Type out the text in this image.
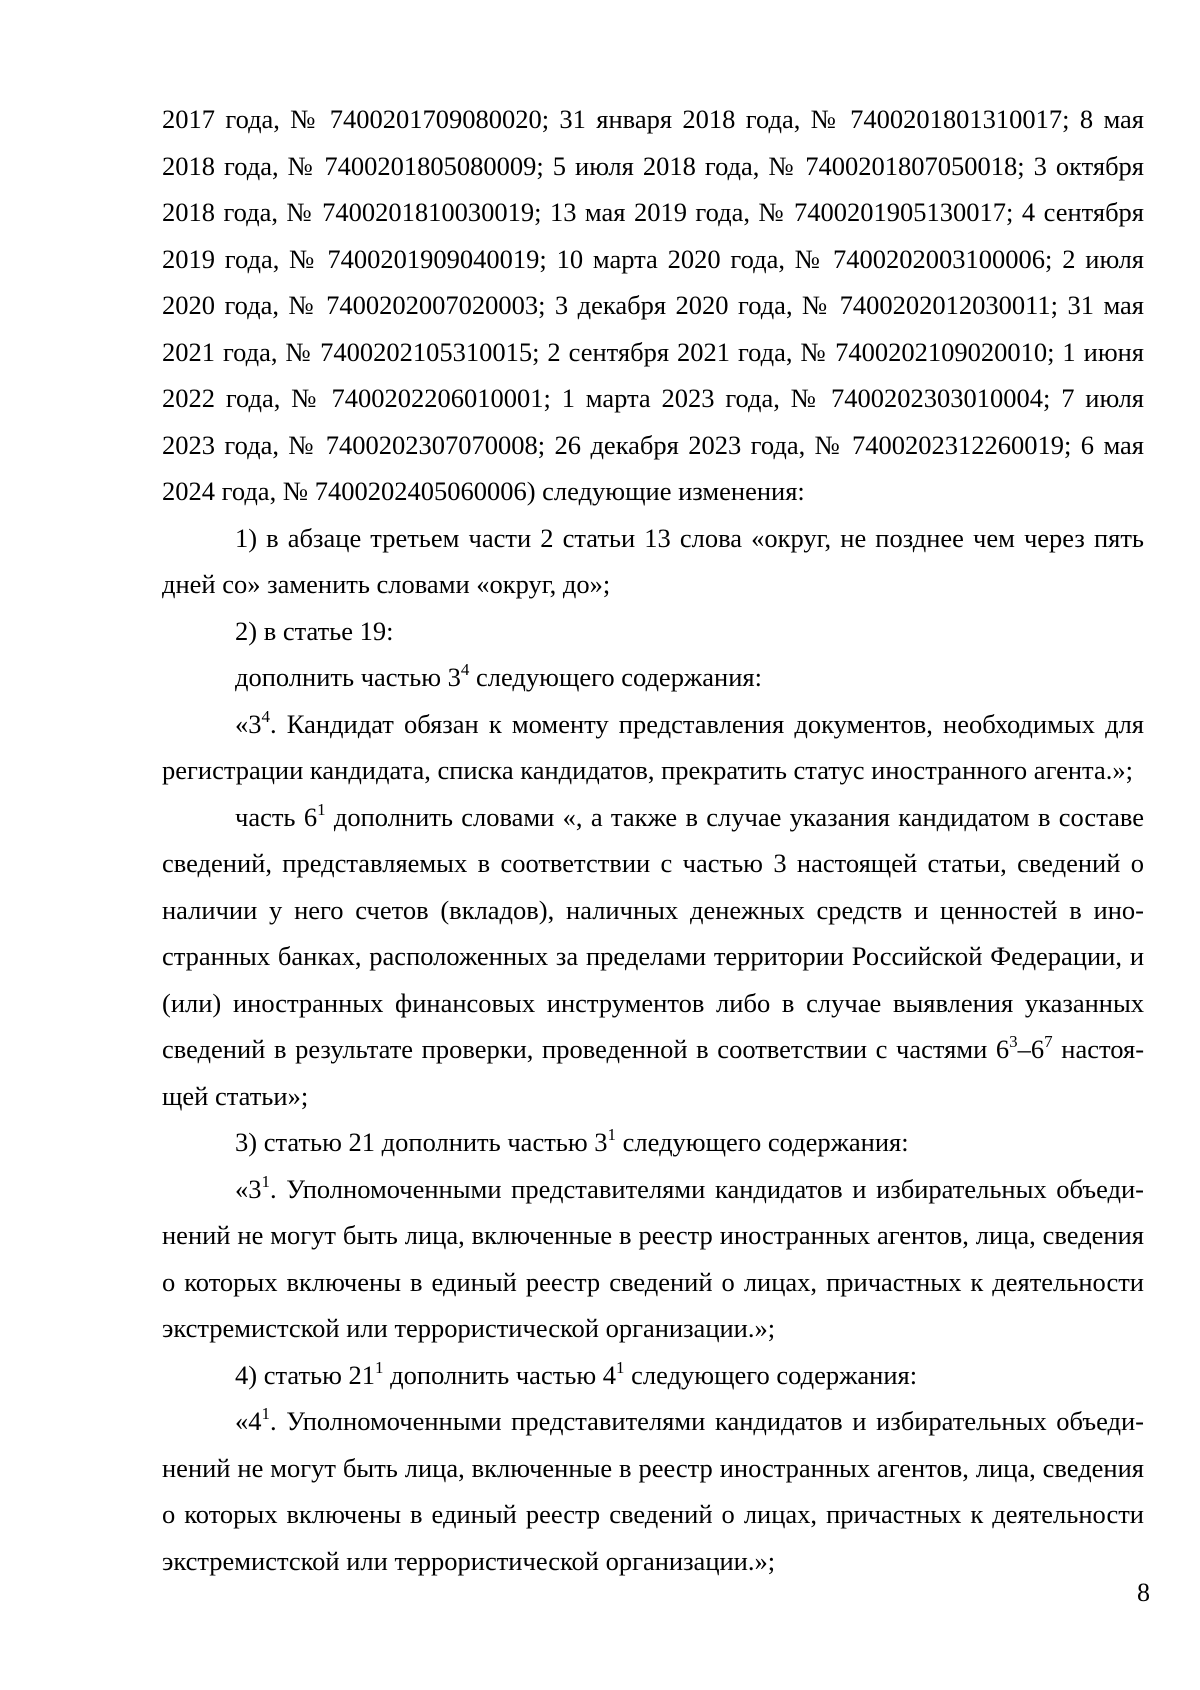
2017 года, № 7400201709080020; 31 января 2018 года, № 7400201801310017; 8 мая 2018 года, № 7400201805080009; 5 июля 2018 года, № 7400201807050018; 3 октября 2018 года, № 7400201810030019; 13 мая 2019 года, № 7400201905130017; 4 сентября 2019 года, № 7400201909040019; 10 марта 2020 года, № 7400202003100006; 2 июля 2020 года, № 7400202007020003; 3 декабря 2020 года, № 7400202012030011; 31 мая 2021 года, № 7400202105310015; 2 сентября 2021 года, № 7400202109020010; 1 июня 2022 года, № 7400202206010001; 1 марта 2023 года, № 7400202303010004; 7 июля 2023 года, № 7400202307070008; 26 декабря 2023 года, № 7400202312260019; 6 мая 2024 года, № 7400202405060006) следующие изменения:

1) в абзаце третьем части 2 статьи 13 слова «округ, не позднее чем через пять дней со» заменить словами «округ, до»;

2) в статье 19:

дополнить частью $3^4$ следующего содержания:

«$3^4$. Кандидат обязан к моменту представления документов, необходимых для регистрации кандидата, списка кандидатов, прекратить статус иностранного агента.»;

часть $6^1$ дополнить словами «, а также в случае указания кандидатом в составе сведений, представляемых в соответствии с частью 3 настоящей статьи, сведений о наличии у него счетов (вкладов), наличных денежных средств и ценностей в иностранных банках, расположенных за пределами территории Российской Федерации, и (или) иностранных финансовых инструментов либо в случае выявления указанных сведений в результате проверки, проведенной в соответствии с частями $6^3-6^7$ настоящей статьи»;

3) статью 21 дополнить частью $3^1$ следующего содержания:

«$3^1$. Уполномоченными представителями кандидатов и избирательных объединений не могут быть лица, включенные в реестр иностранных агентов, лица, сведения о которых включены в единый реестр сведений о лицах, причастных к деятельности экстремистской или террористической организации.»;

4) статью $21^1$ дополнить частью $4^1$ следующего содержания:

«$4^1$. Уполномоченными представителями кандидатов и избирательных объединений не могут быть лица, включенные в реестр иностранных агентов, лица, сведения о которых включены в единый реестр сведений о лицах, причастных к деятельности экстремистской или террористической организации.»;

8
